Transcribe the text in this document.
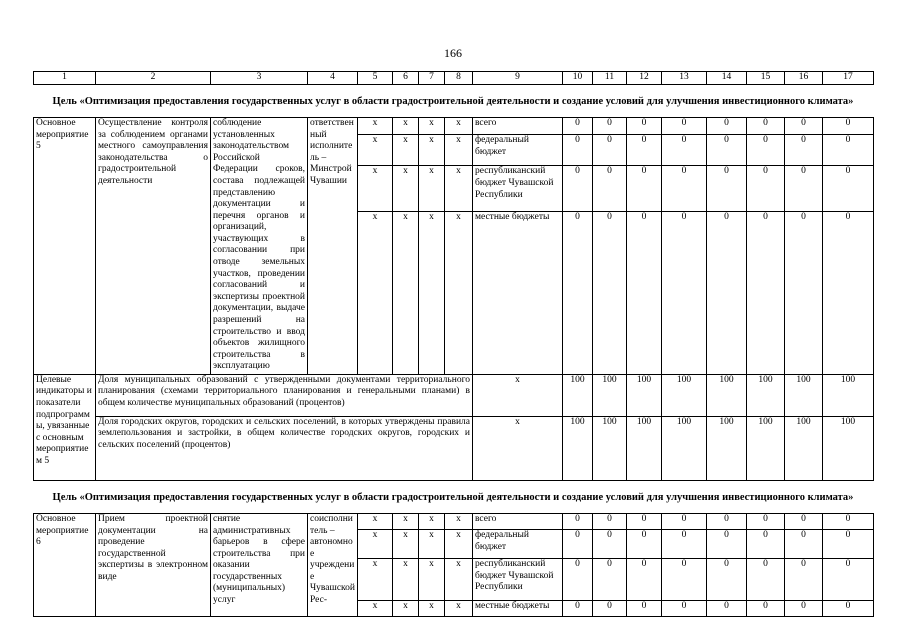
166
1	2	3	4	5	6	7	8	9	10	11	12	13	14	15	16	17
Цель «Оптимизация предоставления государственных услуг в области градостроительной деятельности и создание условий для улучшения инвестиционного климата»
Основное мероприятие 5	Осуществление контроля за соблюдением органами местного самоуправления законодательства о градостроительной деятельности	соблюдение установленных законодательством Российской Федерации сроков, состава подлежащей представлению документации и перечня органов и организаций, участвующих в согласовании при отводе земельных участков, проведении согласований и экспертизы проектной документации, выдаче разрешений на строительство и ввод объектов жилищного строительства в эксплуатацию	ответственный исполнитель – Минстрой Чувашии	х	х	х	х	всего	0	0	0	0	0	0	0	0
				х	х	х	х	федеральный бюджет	0	0	0	0	0	0	0	0
				х	х	х	х	республиканский бюджет Чувашской Республики	0	0	0	0	0	0	0	0
				х	х	х	х	местные бюджеты	0	0	0	0	0	0	0	0
Целевые индикаторы и показатели подпрограммы, увязанные с основным мероприятием 5	Доля муниципальных образований с утвержденными документами территориального планирования (схемами территориального планирования и генеральными планами) в общем количестве муниципальных образований (процентов)							х	100	100	100	100	100	100	100	100
	Доля городских округов, городских и сельских поселений, в которых утверждены правила землепользования и застройки, в общем количестве городских округов, городских и сельских поселений (процентов)							х	100	100	100	100	100	100	100	100
Цель «Оптимизация предоставления государственных услуг в области градостроительной деятельности и создание условий для улучшения инвестиционного климата»
Основное мероприятие 6	Прием проектной документации на проведение государственной экспертизы в электронном виде	снятие административных барьеров в сфере строительства при оказании государственных (муниципальных) услуг	соисполнитель – автономное учреждение Чувашской Рес-	х	х	х	х	всего	0	0	0	0	0	0	0	0
				х	х	х	х	федеральный бюджет	0	0	0	0	0	0	0	0
				х	х	х	х	республиканский бюджет Чувашской Республики	0	0	0	0	0	0	0	0
				х	х	х	х	местные бюджеты	0	0	0	0	0	0	0	0
